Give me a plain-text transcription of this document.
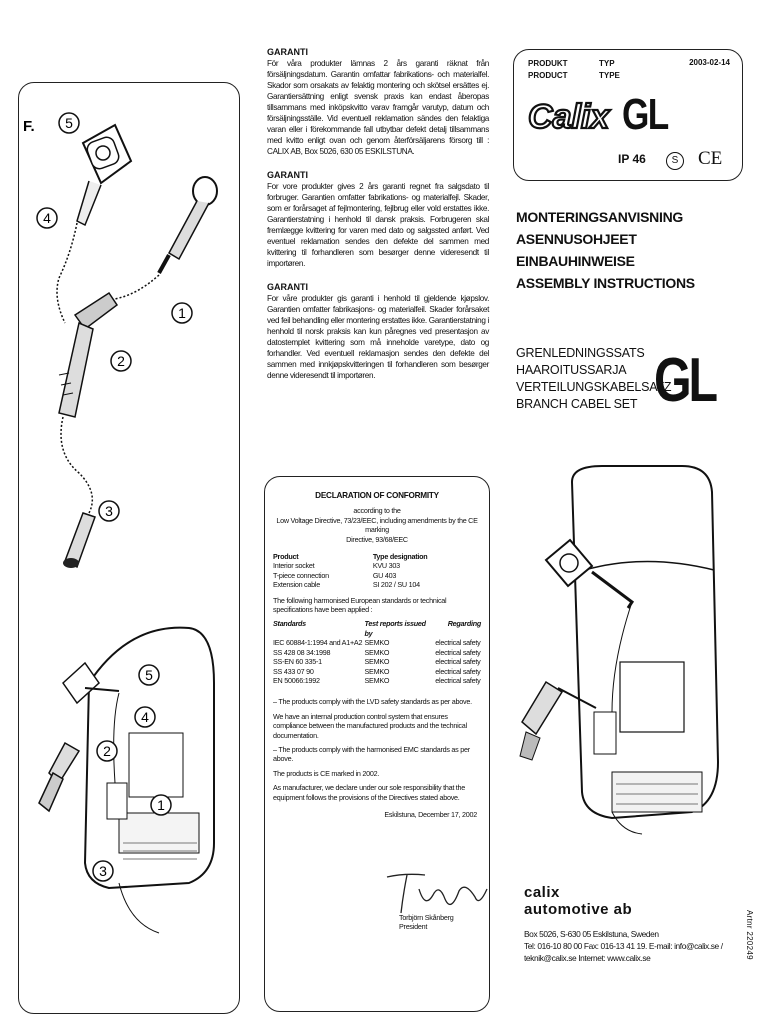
F. 5
4
1
2
3
5
4
2
1
3
GARANTI

För våra produkter lämnas 2 års garanti räknat från försäljningsdatum. Garantin omfattar fabrikations- och materialfel. Skador som orsakats av felaktig montering och skötsel ersättes ej. Garantiersättning enligt svensk praxis kan endast åberopas tillsammans med inköpskvitto varav framgår varutyp, datum och försäljningsställe. Vid eventuell reklamation sändes den felaktiga varan eller i förekommande fall utbytbar defekt detalj tillsammans med kvitto enligt ovan och genom återförsäljarens försorg till : CALIX AB, Box 5026, 630 05 ESKILSTUNA.

GARANTI

For vore produkter gives 2 års garanti regnet fra salgsdato til forbruger. Garantien omfatter fabrikations- og materialfejl. Skader, som er forårsaget af fejlmontering, fejlbrug eller vold erstattes ikke. Garantierstatning i henhold til dansk praksis. Forbrugeren skal fremlægge kvittering for varen med dato og salgssted anført. Ved eventuel reklamation sendes den defekte del sammen med kvittering til forhandleren som besørger denne videresendt til importøren.

GARANTI

For våre produkter gis garanti i henhold til gjeldende kjøpslov. Garantien omfatter fabrikasjons- og materialfeil. Skader forårsaket ved feil behandling eller montering erstattes ikke. Garantierstatning i henhold til norsk praksis kan kun påregnes ved presentasjon av datostemplet kvittering som må inneholde varetype, dato og forhandler. Ved eventuell reklamasjon sendes den defekte del sammen med innkjøpskvitteringen til forhandleren som besørger denne videresendt til importøren.

DECLARATION OF CONFORMITY
according to the
Low Voltage Directive, 73/23/EEC, including amendments by the CE marking
Directive, 93/68/EEC
Product	Type designation
Interior socket	KVU 303
T-piece connection	GU 403
Extension cable	SI 202 / SU 104

The following harmonised European standards or technical specifications have been applied :

Standards	Test reports issued by	Regarding
IEC 60884-1:1994 and A1+A2	SEMKO	electrical safety
SS 428 08 34:1998	SEMKO	electrical safety
SS-EN 60 335-1	SEMKO	electrical safety
SS 433 07 90	SEMKO	electrical safety
EN 50066:1992	SEMKO	electrical safety

– The products comply with the LVD safety standards as per above.

We have an internal production control system that ensures compliance between the manufactured products and the technical documentation.

– The products comply with the harmonised EMC standards as per above.

The products is CE marked in 2002.

As manufacturer, we declare under our sole responsibility that the equipment follows the provisions of the Directives stated above.

Eskilstuna, December 17, 2002
Torbjörn Skånberg
President
PRODUKT
PRODUCT
TYP
TYPE
2003-02-14
Calix GL
IP 46	S CE
MONTERINGSANVISNING
ASENNUSOHJEET
EINBAUHINWEISE
ASSEMBLY INSTRUCTIONS
GRENLEDNINGSSATS
HAAROITUSSARJA
VERTEILUNGSKABELSATZ
BRANCH CABEL SET GL
calix
automotive ab
Box 5026, S-630 05 Eskilstuna, Sweden
Tel: 016-10 80 00 Fax: 016-13 41 19. E-mail: info@calix.se /
teknik@calix.se Internet: www.calix.se	Artnr 220249
